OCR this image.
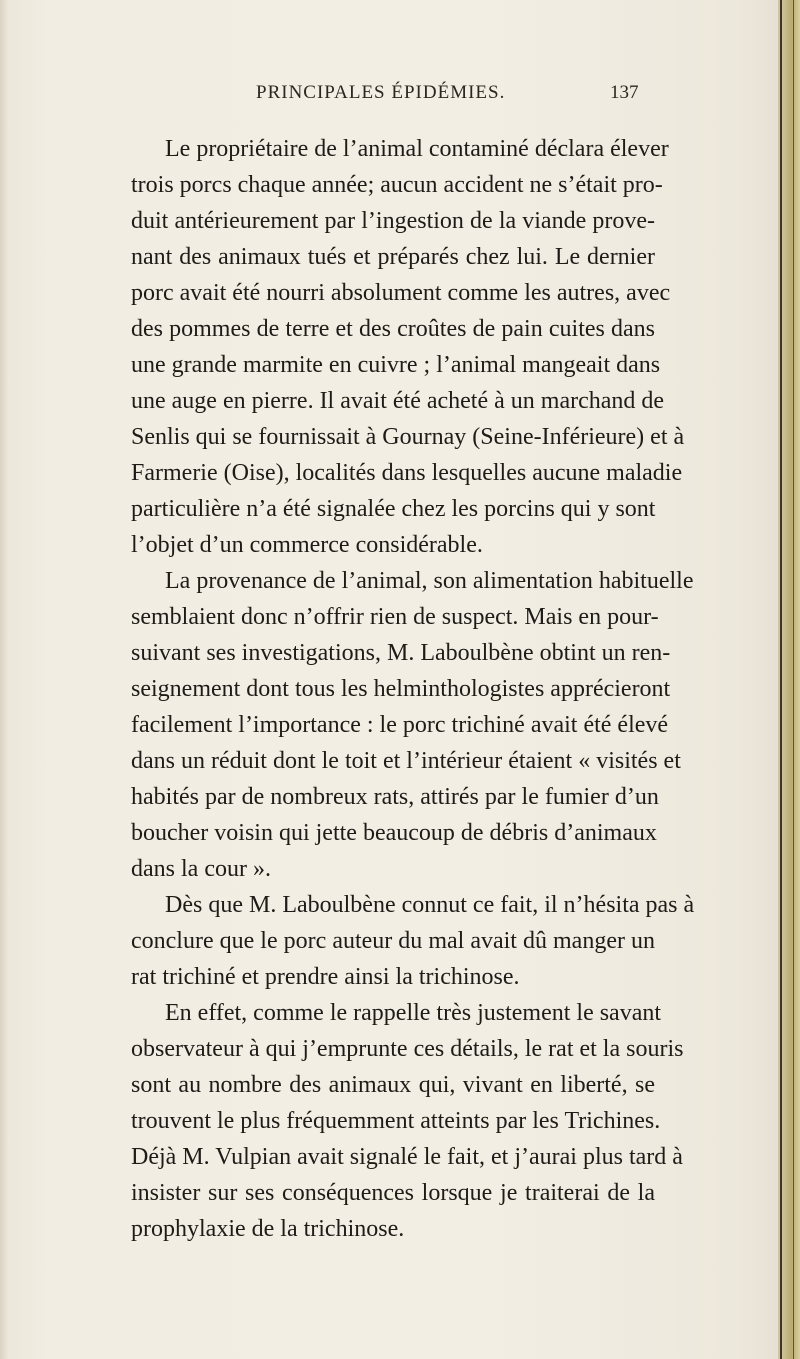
PRINCIPALES ÉPIDÉMIES.	137
Le propriétaire de l’animal contaminé déclara élever
trois porcs chaque année; aucun accident ne s’était pro-
duit antérieurement par l’ingestion de la viande prove-
nant des animaux tués et préparés chez lui. Le dernier
porc avait été nourri absolument comme les autres, avec
des pommes de terre et des croûtes de pain cuites dans
une grande marmite en cuivre ; l’animal mangeait dans
une auge en pierre. Il avait été acheté à un marchand de
Senlis qui se fournissait à Gournay (Seine-Inférieure) et à
Farmerie (Oise), localités dans lesquelles aucune maladie
particulière n’a été signalée chez les porcins qui y sont
l’objet d’un commerce considérable.
La provenance de l’animal, son alimentation habituelle
semblaient donc n’offrir rien de suspect. Mais en pour-
suivant ses investigations, M. Laboulbène obtint un ren-
seignement dont tous les helminthologistes apprécieront
facilement l’importance : le porc trichiné avait été élevé
dans un réduit dont le toit et l’intérieur étaient « visités et
habités par de nombreux rats, attirés par le fumier d’un
boucher voisin qui jette beaucoup de débris d’animaux
dans la cour ».
Dès que M. Laboulbène connut ce fait, il n’hésita pas à
conclure que le porc auteur du mal avait dû manger un
rat trichiné et prendre ainsi la trichinose.
En effet, comme le rappelle très justement le savant
observateur à qui j’emprunte ces détails, le rat et la souris
sont au nombre des animaux qui, vivant en liberté, se
trouvent le plus fréquemment atteints par les Trichines.
Déjà M. Vulpian avait signalé le fait, et j’aurai plus tard à
insister sur ses conséquences lorsque je traiterai de la
prophylaxie de la trichinose.
